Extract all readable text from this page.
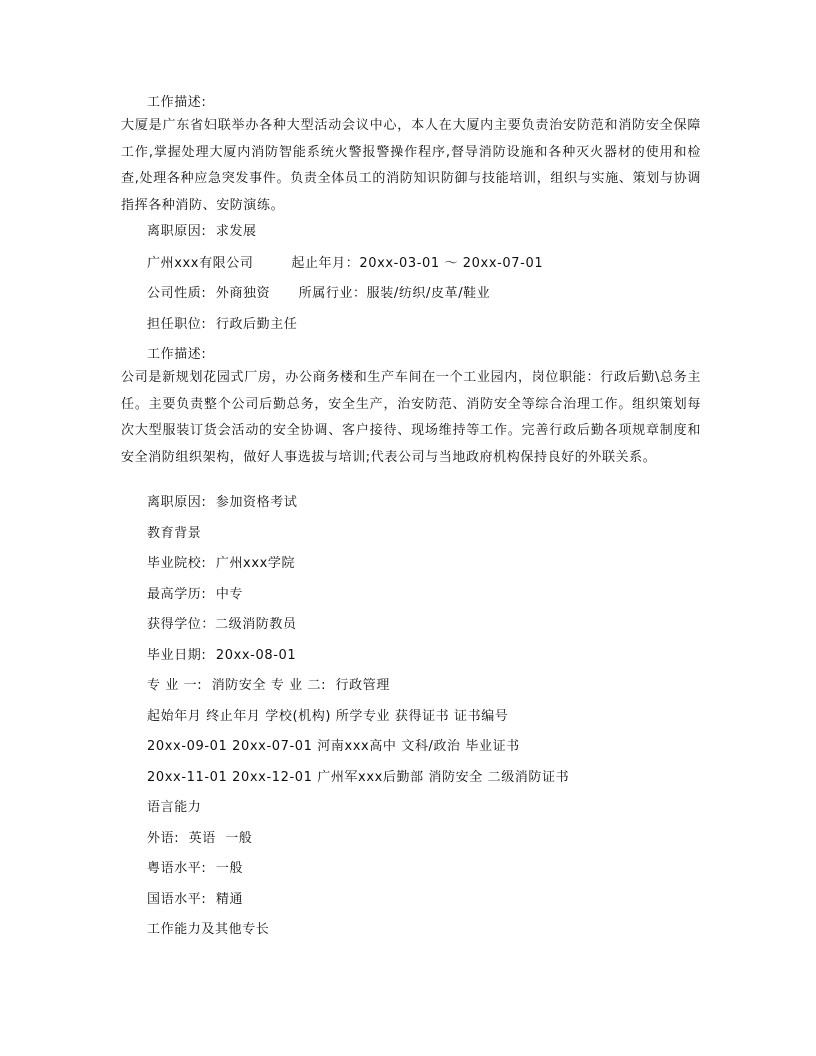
工作描述:
大厦是广东省妇联举办各种大型活动会议中心，本人在大厦内主要负责治安防范和消防安全保障工作,掌握处理大厦内消防智能系统火警报警操作程序,督导消防设施和各种灭火器材的使用和检查,处理各种应急突发事件。负责全体员工的消防知识防御与技能培训，组织与实施、策划与协调指挥各种消防、安防演练。
离职原因:  求发展
广州xxx有限公司        起止年月：20xx-03-01 ～ 20xx-07-01
公司性质:  外商独资      所属行业：服装/纺织/皮革/鞋业
担任职位:  行政后勤主任
工作描述:
公司是新规划花园式厂房，办公商务楼和生产车间在一个工业园内，岗位职能：行政后勤\总务主任。主要负责整个公司后勤总务，安全生产，治安防范、消防安全等综合治理工作。组织策划每次大型服装订货会活动的安全协调、客户接待、现场维持等工作。完善行政后勤各项规章制度和安全消防组织架构，做好人事选拔与培训;代表公司与当地政府机构保持良好的外联关系。
离职原因:  参加资格考试
教育背景
毕业院校:  广州xxx学院
最高学历:  中专
获得学位：二级消防教员
毕业日期:  20xx-08-01
专 业 一:  消防安全 专 业 二:  行政管理
起始年月 终止年月 学校(机构) 所学专业 获得证书 证书编号
20xx-09-01 20xx-07-01 河南xxx高中 文科/政治 毕业证书
20xx-11-01 20xx-12-01 广州军xxx后勤部 消防安全 二级消防证书
语言能力
外语:  英语  一般
粤语水平:  一般
国语水平:  精通
工作能力及其他专长
